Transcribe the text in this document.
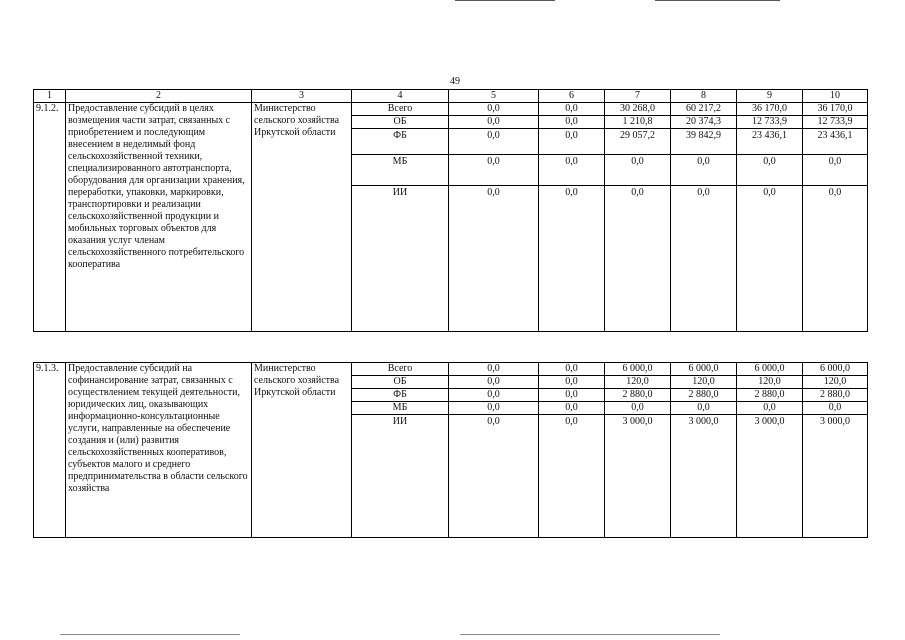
49
1	2	3	4	5	6	7	8	9	10
9.1.2.	Предоставление субсидий в целях возмещения части затрат, связанных с приобретением и последующим внесением в неделимый фонд сельскохозяйственной техники, специализированного автотранспорта, оборудования для организации хранения, переработки, упаковки, маркировки, транспортировки и реализации сельскохозяйственной продукции и мобильных торговых объектов для оказания услуг членам сельскохозяйственного потребительского кооператива	Министерство сельского хозяйства Иркутской области	Всего	0,0	0,0	30 268,0	60 217,2	36 170,0	36 170,0
			ОБ	0,0	0,0	1 210,8	20 374,3	12 733,9	12 733,9
			ФБ	0,0	0,0	29 057,2	39 842,9	23 436,1	23 436,1
			МБ	0,0	0,0	0,0	0,0	0,0	0,0
			ИИ	0,0	0,0	0,0	0,0	0,0	0,0

9.1.3.	Предоставление субсидий на софинансирование затрат, связанных с осуществлением текущей деятельности, юридических лиц, оказывающих информационно-консультационные услуги, направленные на обеспечение создания и (или) развития сельскохозяйственных кооперативов, субъектов малого и среднего предпринимательства в области сельского хозяйства	Министерство сельского хозяйства Иркутской области	Всего	0,0	0,0	6 000,0	6 000,0	6 000,0	6 000,0
			ОБ	0,0	0,0	120,0	120,0	120,0	120,0
			ФБ	0,0	0,0	2 880,0	2 880,0	2 880,0	2 880,0
			МБ	0,0	0,0	0,0	0,0	0,0	0,0
			ИИ	0,0	0,0	3 000,0	3 000,0	3 000,0	3 000,0
